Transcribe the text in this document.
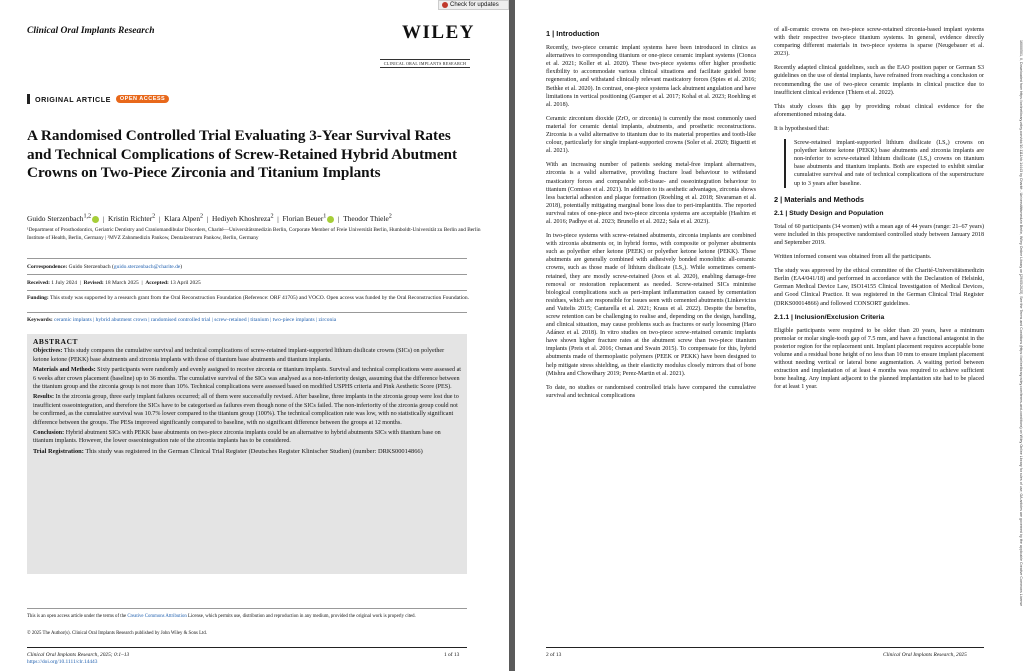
Clinical Oral Implants Research
Check for updates
WILEY
CLINICAL ORAL IMPLANTS RESEARCH
ORIGINAL ARTICLE	OPEN ACCESS
A Randomised Controlled Trial Evaluating 3-Year Survival Rates and Technical Complications of Screw-Retained Hybrid Abutment Crowns on Two-Piece Zirconia and Titanium Implants
Guido Sterzenbach$^{1,2}$  |  Kristin Richter$^2$  |  Klara Alpen$^2$  |  Hediyeh Khoshreza$^2$  |  Florian Beuer$^1$  |  Theodor Thiele$^2$
¹Department of Prosthodontics, Geriatric Dentistry and Craniomandibular Disorders, Charité—Universitätsmedizin Berlin, Corporate Member of Freie Universität Berlin, Humboldt-Universität zu Berlin and Berlin Institute of Health, Berlin, Germany | ²MVZ Zahnmedizin Pankow, Dentalzentrum Pankow, Berlin, Germany
Correspondence: Guido Sterzenbach (guido.sterzenbach@charite.de)
Received: 1 July 2024  |  Revised: 18 March 2025  |  Accepted: 13 April 2025
Funding: This study was supported by a research grant from the Oral Reconstruction Foundation (Reference: ORF 41705) and VOCO. Open access was funded by the Oral Reconstruction Foundation.
Keywords: ceramic implants | hybrid abutment crown | randomised controlled trial | screw-retained | titanium | two-piece implants | zirconia
ABSTRACT

Objectives: This study compares the cumulative survival and technical complications of screw-retained implant-supported lithium disilicate crowns (SICs) on polyether ketone ketone (PEKK) base abutments and zirconia implants with those of titanium base abutments and titanium implants.

Materials and Methods: Sixty participants were randomly and evenly assigned to receive zirconia or titanium implants. Survival and technical complications were assessed at 6 weeks after crown placement (baseline) up to 36 months. The cumulative survival of the SICs was analysed as a non-inferiority design, assuming that the difference between the titanium group and the zirconia group is not more than 10%. Technical complications were assessed based on modified USPHS criteria and Pink Aesthetic Score (PES).

Results: In the zirconia group, three early implant failures occurred; all of them were successfully revised. After baseline, three implants in the zirconia group were lost due to insufficient osseointegration, and therefore the SICs have to be categorised as failures even though none of the SICs failed. The non-inferiority of the zirconia group could not be confirmed, as the cumulative survival was 10.7% lower compared to the titanium group (100%). The technical complication rate was low, with no statistically significant difference between the groups. The PESs improved significantly compared to baseline, with no significant difference between the groups at 12 months.

Conclusion: Hybrid abutment SICs with PEKK base abutments on two-piece zirconia implants could be an alternative to hybrid abutments SICs with titanium base on titanium implants. However, the lower osseointegration rate of the zirconia implants has to be considered.

Trial Registration: This study was registered in the German Clinical Trial Register (Deutsches Register Klinischer Studien) (number: DRKS00014866)

This is an open access article under the terms of the Creative Commons Attribution License, which permits use, distribution and reproduction in any medium, provided the original work is properly cited.
© 2025 The Author(s). Clinical Oral Implants Research published by John Wiley & Sons Ltd.
Clinical Oral Implants Research, 2025; 0:1–13
https://doi.org/10.1111/clr.14443
1 of 13
1 | Introduction

Recently, two-piece ceramic implant systems have been introduced in clinics as alternatives to corresponding titanium or one-piece ceramic implant systems (Cionca et al. 2021; Koller et al. 2020). These two-piece systems offer higher prosthetic flexibility to accommodate various clinical situations and facilitate guided bone regeneration, and withstand clinically relevant masticatory forces (Spies et al. 2016; Bethke et al. 2020). In contrast, one-piece systems lack abutment angulation and have limitations in vertical positioning (Gamper et al. 2017; Kohal et al. 2023; Roehling et al. 2018).

Ceramic zirconium dioxide (ZrO₂ or zirconia) is currently the most commonly used material for ceramic dental implants, abutments, and prosthetic reconstructions. Zirconia is a valid alternative to titanium due to its material properties and tooth-like colour, particularly for single implant-supported crowns (Soler et al. 2020; Biguetti et al. 2021).

With an increasing number of patients seeking metal-free implant alternatives, zirconia is a valid alternative, providing fracture load behaviour to withstand masticatory forces and comparable soft-tissue- and osseointegration behaviour to titanium (Comisso et al. 2021). In addition to its aesthetic advantages, zirconia shows less bacterial adhesion and plaque formation (Roehling et al. 2018; Sivaraman et al. 2018), potentially mitigating marginal bone loss due to peri-implantitis. The reported survival rates of one-piece and two-piece zirconia systems are acceptable (Hashim et al. 2016; Padhye et al. 2023; Brunello et al. 2022; Sala et al. 2023).

In two-piece systems with screw-retained abutments, zirconia implants are combined with zirconia abutments or, in hybrid forms, with composite or polymer abutments such as polyether ether ketone (PEEK) or polyether ketone ketone (PEKK). These abutments are generally combined with adhesively bonded monolithic all-ceramic crowns, such as those made of lithium disilicate (LS₂). While sometimes cement-retained, they are mostly screw-retained (Joos et al. 2020), enabling damage-free removal or restoration replacement as needed. Screw-retained SICs minimise biological complications such as peri-implant inflammation caused by cementation residues, which are responsible for issues seen with cemented abutments (Linkevicius and Vaitelis 2015; Cantarella et al. 2021; Kraus et al. 2022). Despite the benefits, screw retention can be challenging to realise and, depending on the design, handling, and clinical situation, may cause problems such as fractures or early loosening (Haro Adánez et al. 2018). In vitro studies on two-piece screw-retained ceramic implants have shown higher fracture rates at the abutment screw than two-piece titanium implants (Preis et al. 2016; Osman and Swain 2015). To compensate for this, hybrid abutments made of thermoplastic polymers (PEEK or PEKK) have been designed to help mitigate stress shielding, as their elasticity modulus closely mirrors that of bone (Mishra and Chowdhary 2019; Perez-Martin et al. 2021).

To date, no studies or randomised controlled trials have compared the cumulative survival and technical complications

of all-ceramic crowns on two-piece screw-retained zirconia-based implant systems with their respective two-piece titanium systems. In general, evidence directly comparing different materials in two-piece systems is sparse (Neugebauer et al. 2023).

Recently adapted clinical guidelines, such as the EAO position paper or German S3 guidelines on the use of dental implants, have refrained from reaching a conclusion or recommending the use of two-piece ceramic implants in clinical practice due to insufficient clinical evidence (Thiem et al. 2022).

This study closes this gap by providing robust clinical evidence for the aforementioned missing data.

It is hypothesised that:

Screw-retained implant-supported lithium disilicate (LS₂) crowns on polyether ketone ketone (PEKK) base abutments and zirconia implants are non-inferior to screw-retained lithium disilicate (LS₂) crowns on titanium base abutments and titanium implants. Both are expected to exhibit similar cumulative survival and rate of technical complications of the superstructure up to 3 years after baseline.
2 | Materials and Methods
2.1 | Study Design and Population

Total of 60 participants (34 women) with a mean age of 44 years (range: 21–67 years) were included in this prospective randomised controlled study between January 2018 and September 2019.

Written informed consent was obtained from all the participants.

The study was approved by the ethical committee of the Charité-Universitätsmedizin Berlin (EA4/041/18) and performed in accordance with the Declaration of Helsinki, German Medical Device Law, ISO14155 Clinical Investigation of Medical Devices, and Good Clinical Practice. It was registered in the German Clinical Trial Register (DRKS00014866) and followed CONSORT guidelines.

2.1.1 | Inclusion/Exclusion Criteria

Eligible participants were required to be older than 20 years, have a minimum premolar or molar single-tooth gap of 7.5 mm, and have a functional antagonist in the posterior region for the replacement unit. Implant placement requires acceptable bone volume and a residual bone height of no less than 10 mm to ensure implant placement without needing vertical or lateral bone augmentation. A waiting period between extraction and implantation of at least 4 months was required to achieve sufficient bone healing. Any implant adjacent to the planned implantation site had to be placed for at least 1 year.	16000501, 0, Downloaded from https://onlinelibrary.wiley.com/doi/10.1111/clr.14443 by Charité - Universitätsmedizin Berlin, Wiley Online Library on [29/05/2025]. See the Terms and Conditions (https://onlinelibrary.wiley.com/terms-and-conditions) on Wiley Online Library for rules of use; OA articles are governed by the applicable Creative Commons License
2 of 13	Clinical Oral Implants Research, 2025
